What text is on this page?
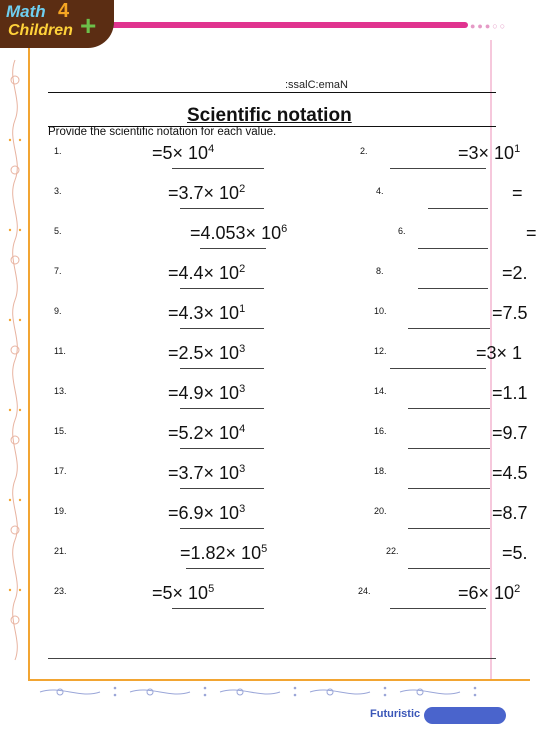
●●●○○
Math 4
Children +
:ssalC:emaN
Scientific notation
Provide the scientific notation for each value.
1.	$=5\times 10^4$	2.	$=3\times 10^1$
3.	$=3.7\times 10^2$	4.	=
5.	$=4.053\times 10^6$	6.	=
7.	$=4.4\times 10^2$	8.	=2.
9.	$=4.3\times 10^1$	10.	=7.5
11.	$=2.5\times 10^3$	12.	=3× 1
13.	$=4.9\times 10^3$	14.	=1.1
15.	$=5.2\times 10^4$	16.	=9.7
17.	$=3.7\times 10^3$	18.	=4.5
19.	$=6.9\times 10^3$	20.	=8.7
21.	$=1.82\times 10^5$	22.	=5.
23.	$=5\times 10^5$	24.	$=6\times 10^2$
Futuristic
